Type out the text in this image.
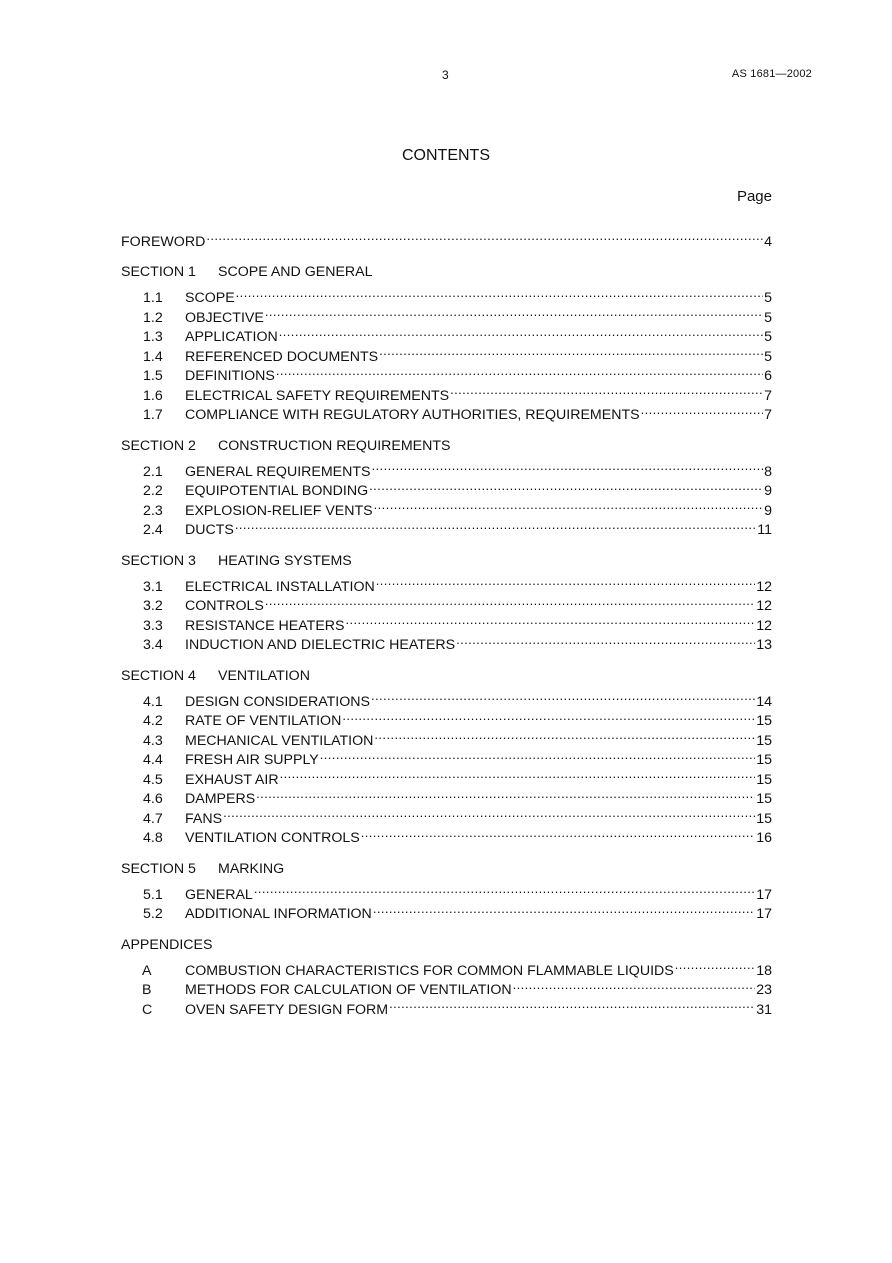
3	AS 1681—2002
CONTENTS
Page
FOREWORD .....	4
SECTION 1	SCOPE AND GENERAL
1.1	SCOPE .....	5
1.2	OBJECTIVE .....	5
1.3	APPLICATION .....	5
1.4	REFERENCED DOCUMENTS .....	5
1.5	DEFINITIONS .....	6
1.6	ELECTRICAL SAFETY REQUIREMENTS .....	7
1.7	COMPLIANCE WITH REGULATORY AUTHORITIES, REQUIREMENTS .....	7
SECTION 2	CONSTRUCTION REQUIREMENTS
2.1	GENERAL REQUIREMENTS .....	8
2.2	EQUIPOTENTIAL BONDING .....	9
2.3	EXPLOSION-RELIEF VENTS .....	9
2.4	DUCTS .....	11
SECTION 3	HEATING SYSTEMS
3.1	ELECTRICAL INSTALLATION .....	12
3.2	CONTROLS .....	12
3.3	RESISTANCE HEATERS .....	12
3.4	INDUCTION AND DIELECTRIC HEATERS .....	13
SECTION 4	VENTILATION
4.1	DESIGN CONSIDERATIONS .....	14
4.2	RATE OF VENTILATION .....	15
4.3	MECHANICAL VENTILATION .....	15
4.4	FRESH AIR SUPPLY .....	15
4.5	EXHAUST AIR .....	15
4.6	DAMPERS .....	15
4.7	FANS .....	15
4.8	VENTILATION CONTROLS .....	16
SECTION 5	MARKING
5.1	GENERAL .....	17
5.2	ADDITIONAL INFORMATION .....	17
APPENDICES
A	COMBUSTION CHARACTERISTICS FOR COMMON FLAMMABLE LIQUIDS .....	18
B	METHODS FOR CALCULATION OF VENTILATION .....	23
C	OVEN SAFETY DESIGN FORM .....	31
